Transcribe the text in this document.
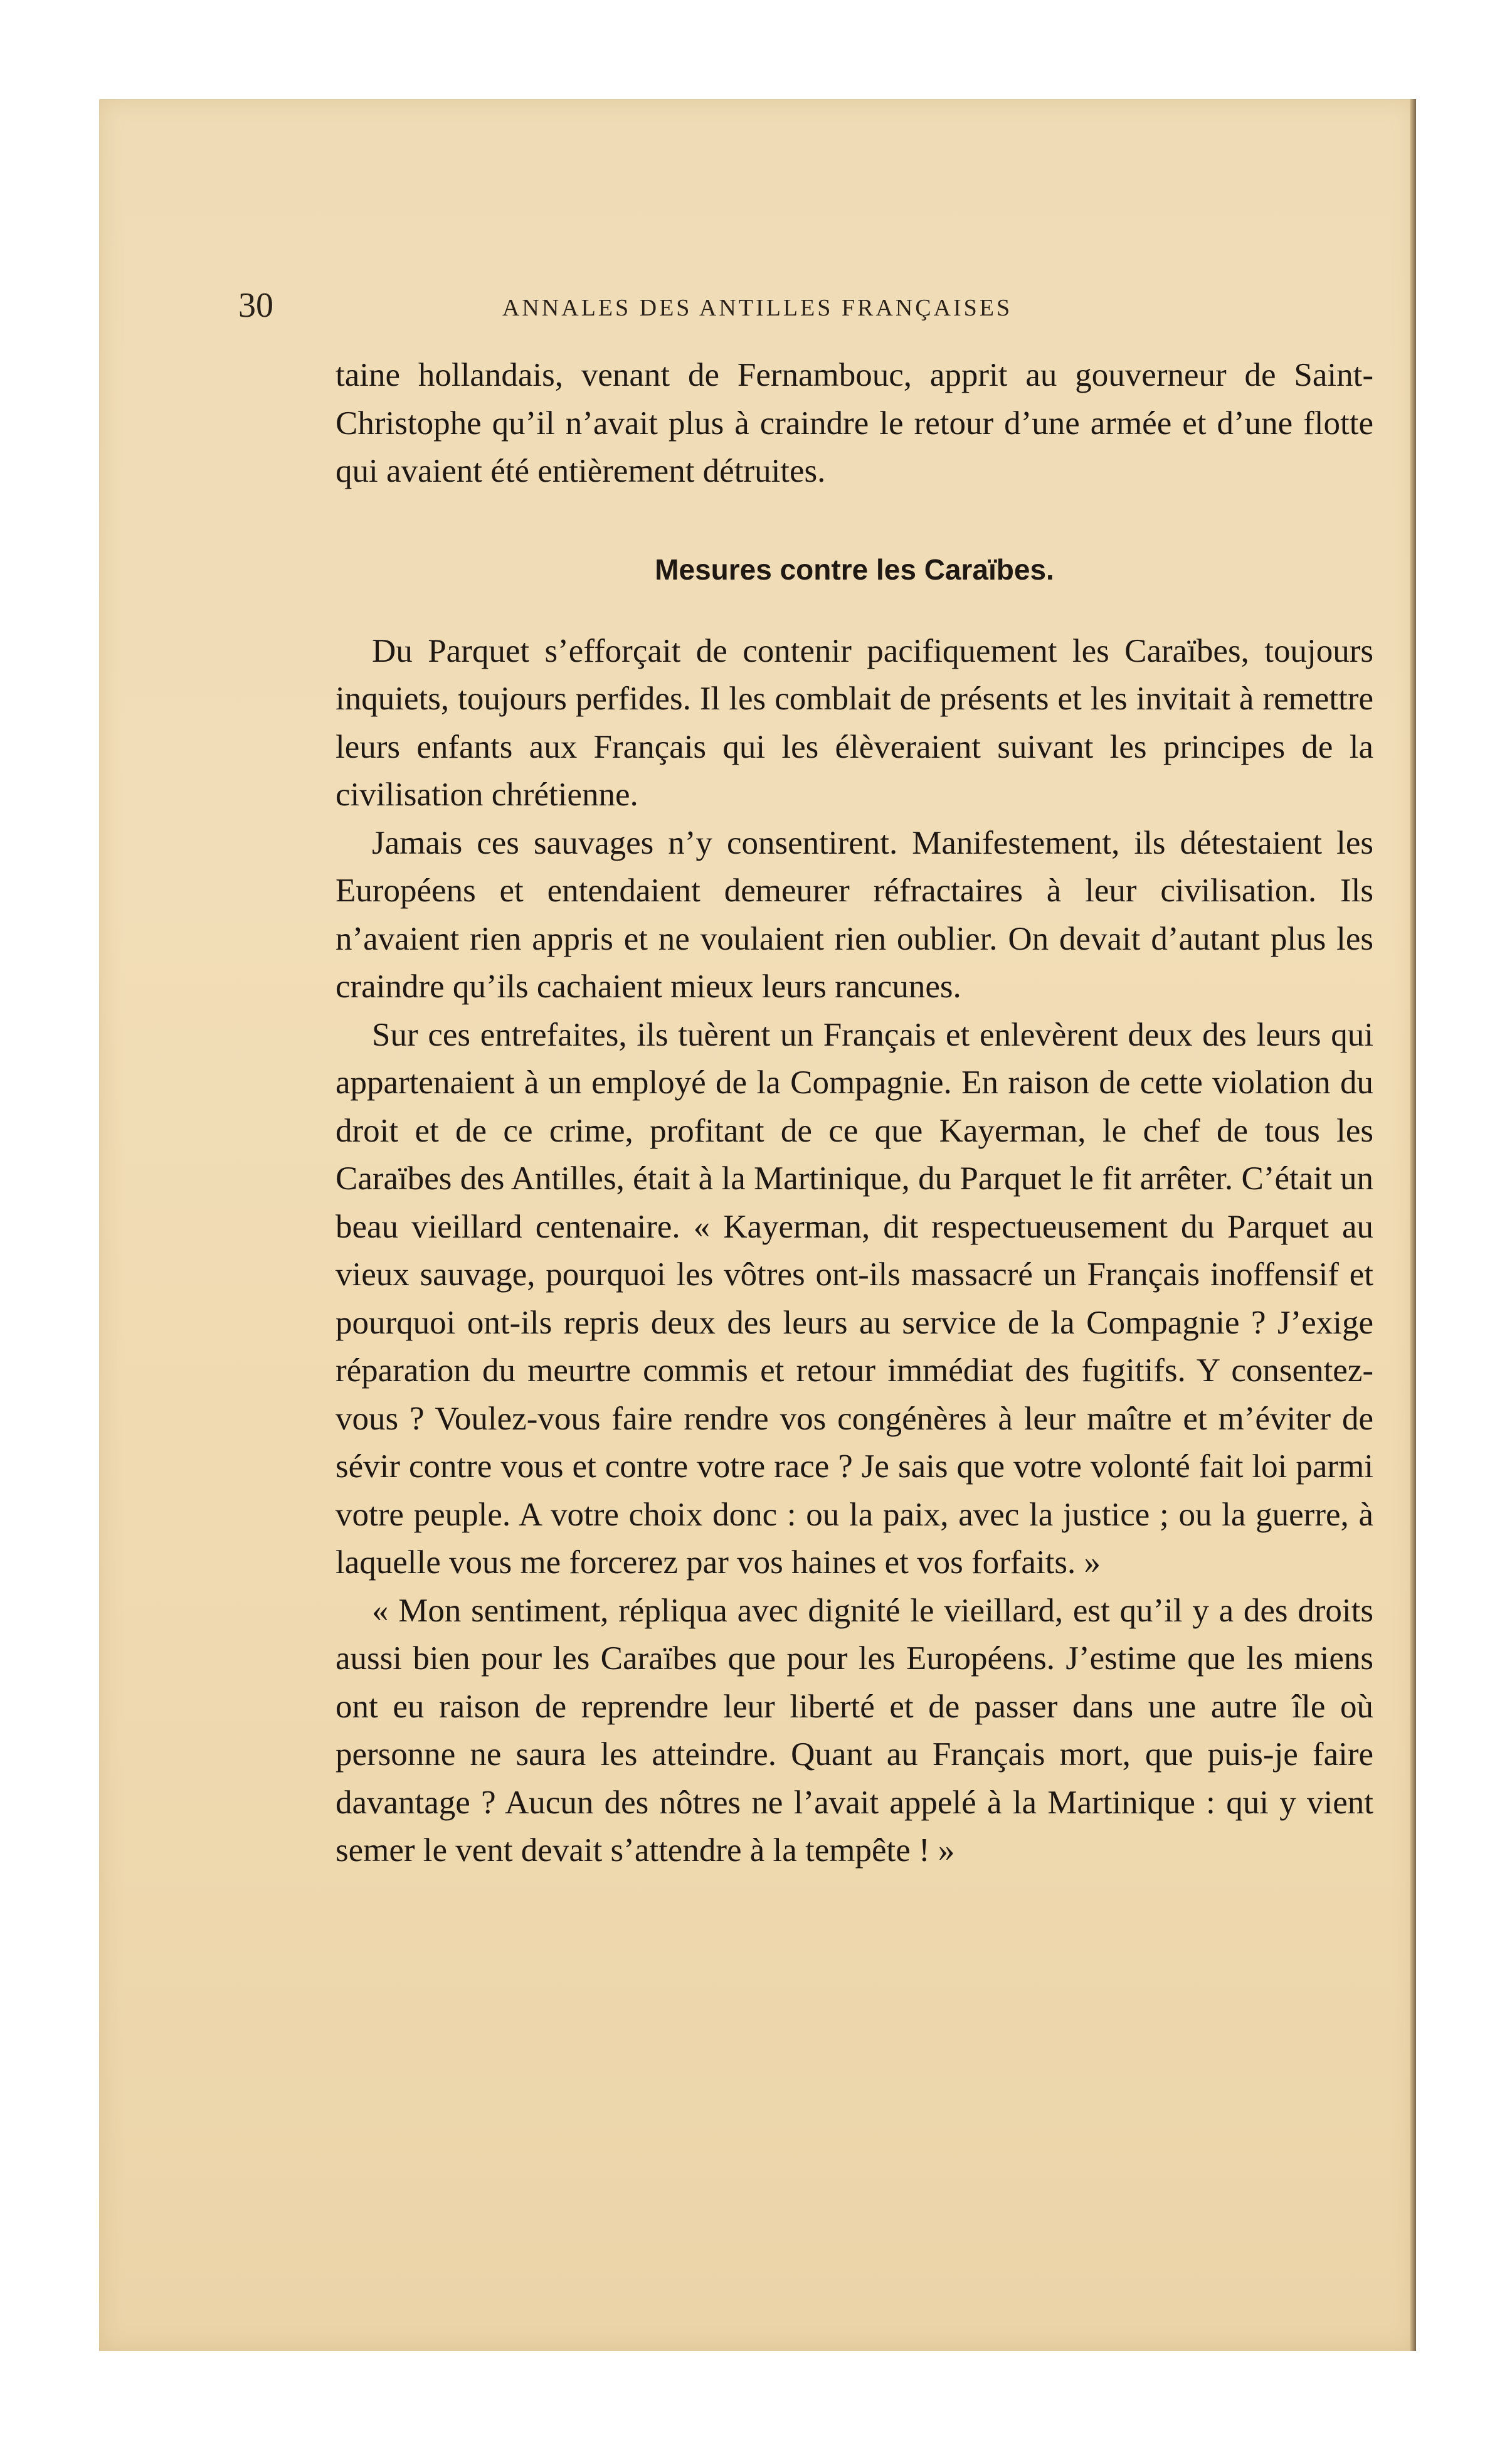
30	ANNALES DES ANTILLES FRANÇAISES

taine hollandais, venant de Fernambouc, apprit au gouverneur de Saint-Christophe qu’il n’avait plus à craindre le retour d’une armée et d’une flotte qui avaient été entièrement détruites.

Mesures contre les Caraïbes.

Du Parquet s’efforçait de contenir pacifiquement les Caraïbes, toujours inquiets, toujours perfides. Il les comblait de présents et les invitait à remettre leurs enfants aux Français qui les élèveraient suivant les principes de la civilisation chrétienne.

Jamais ces sauvages n’y consentirent. Manifestement, ils détestaient les Européens et entendaient demeurer réfractaires à leur civilisation. Ils n’avaient rien appris et ne voulaient rien oublier. On devait d’autant plus les craindre qu’ils cachaient mieux leurs rancunes.

Sur ces entrefaites, ils tuèrent un Français et enlevèrent deux des leurs qui appartenaient à un employé de la Compagnie. En raison de cette violation du droit et de ce crime, profitant de ce que Kayerman, le chef de tous les Caraïbes des Antilles, était à la Martinique, du Parquet le fit arrêter. C’était un beau vieillard centenaire. « Kayerman, dit respectueusement du Parquet au vieux sauvage, pourquoi les vôtres ont-ils massacré un Français inoffensif et pourquoi ont-ils repris deux des leurs au service de la Compagnie ? J’exige réparation du meurtre commis et retour immédiat des fugitifs. Y consentez-vous ? Voulez-vous faire rendre vos congénères à leur maître et m’éviter de sévir contre vous et contre votre race ? Je sais que votre volonté fait loi parmi votre peuple. A votre choix donc : ou la paix, avec la justice ; ou la guerre, à laquelle vous me forcerez par vos haines et vos forfaits. »

« Mon sentiment, répliqua avec dignité le vieillard, est qu’il y a des droits aussi bien pour les Caraïbes que pour les Européens. J’estime que les miens ont eu raison de reprendre leur liberté et de passer dans une autre île où personne ne saura les atteindre. Quant au Français mort, que puis-je faire davantage ? Aucun des nôtres ne l’avait appelé à la Martinique : qui y vient semer le vent devait s’attendre à la tempête ! »
